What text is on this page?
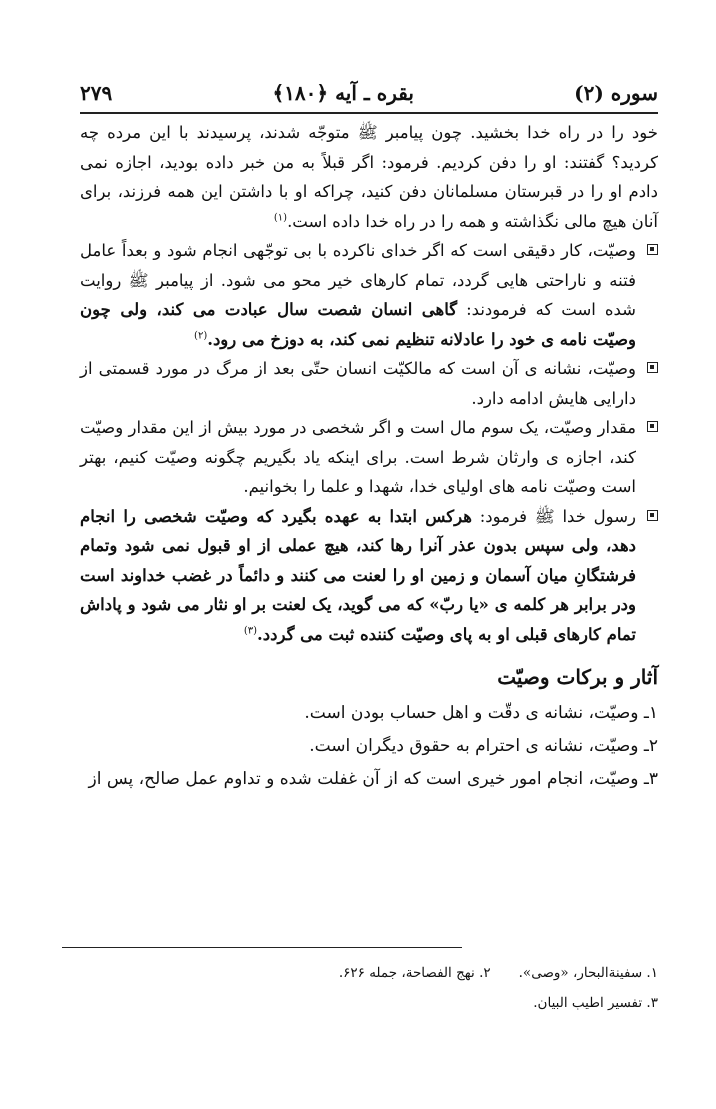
سوره (۲)
بقره ـ آیه ﴿۱۸۰﴾
۲۷۹

خود را در راه خدا بخشید. چون پیامبر ﷺ متوجّه شدند، پرسیدند با این مرده چه کردید؟ گفتند: او را دفن کردیم. فرمود: اگر قبلاً به من خبر داده بودید، اجازه نمی دادم او را در قبرستان مسلمانان دفن کنید، چراکه او با داشتن این همه فرزند، برای آنان هیچ مالی نگذاشته و همه را در راه خدا داده است.$^{(۱)}$

وصیّت، کار دقیقی است که اگر خدای ناکرده با بی توجّهی انجام شود و بعداً عامل فتنه و ناراحتی هایی گردد، تمام کارهای خیر محو می شود. از پیامبر ﷺ روایت شده است که فرمودند: گاهی انسان شصت سال عبادت می کند، ولی چون وصیّت نامه ی خود را عادلانه تنظیم نمی کند، به دوزخ می رود.$^{(۲)}$

وصیّت، نشانه ی آن است که مالکیّت انسان حتّی بعد از مرگ در مورد قسمتی از دارایی هایش ادامه دارد.

مقدار وصیّت، یک سوم مال است و اگر شخصی در مورد بیش از این مقدار وصیّت کند، اجازه ی وارثان شرط است. برای اینکه یاد بگیریم چگونه وصیّت کنیم، بهتر است وصیّت نامه های اولیای خدا، شهدا و علما را بخوانیم.

رسول خدا ﷺ فرمود: هرکس ابتدا به عهده بگیرد که وصیّت شخصی را انجام دهد، ولی سپس بدون عذر آنرا رها کند، هیچ عملی از او قبول نمی شود وتمام فرشتگانِ میان آسمان و زمین او را لعنت می کنند و دائماً در غضب خداوند است ودر برابر هر کلمه ی «یا ربّ» که می گوید، یک لعنت بر او نثار می شود و پاداش تمام کارهای قبلی او به پای وصیّت کننده ثبت می گردد.$^{(۳)}$

آثار و برکات وصیّت

۱ـ وصیّت، نشانه ی دقّت و اهل حساب بودن است.

۲ـ وصیّت، نشانه ی احترام به حقوق دیگران است.

۳ـ وصیّت، انجام امور خیری است که از آن غفلت شده و تداوم عمل صالح، پس از

۱. سفینةالبحار، «وصی».۲. نهج الفصاحة، جمله ۶۲۶.
۳. تفسیر اطیب البیان.
